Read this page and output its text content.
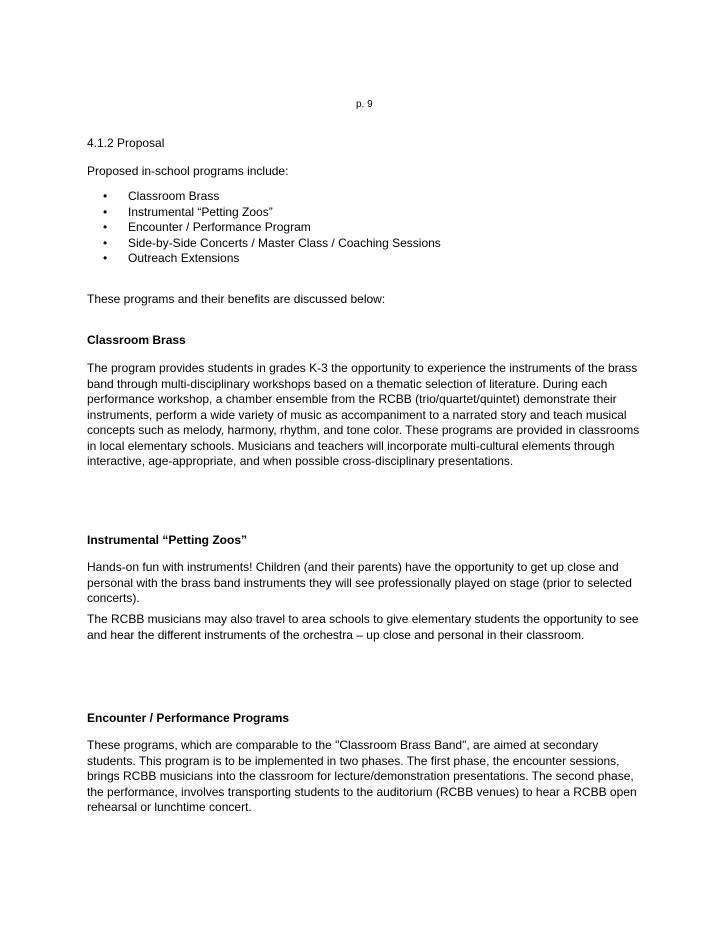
p. 9
4.1.2 Proposal
Proposed in-school programs include:
• Classroom Brass
• Instrumental “Petting Zoos”
• Encounter / Performance Program
• Side-by-Side Concerts / Master Class / Coaching Sessions
• Outreach Extensions
These programs and their benefits are discussed below:
Classroom Brass

The program provides students in grades K-3 the opportunity to experience the instruments of the brass band through multi-disciplinary workshops based on a thematic selection of literature. During each performance workshop, a chamber ensemble from the RCBB (trio/quartet/quintet) demonstrate their instruments, perform a wide variety of music as accompaniment to a narrated story and teach musical concepts such as melody, harmony, rhythm, and tone color. These programs are provided in classrooms in local elementary schools. Musicians and teachers will incorporate multi-cultural elements through interactive, age-appropriate, and when possible cross-disciplinary presentations.

Instrumental “Petting Zoos”

Hands-on fun with instruments! Children (and their parents) have the opportunity to get up close and personal with the brass band instruments they will see professionally played on stage (prior to selected concerts).

The RCBB musicians may also travel to area schools to give elementary students the opportunity to see and hear the different instruments of the orchestra – up close and personal in their classroom.

Encounter / Performance Programs

These programs, which are comparable to the "Classroom Brass Band", are aimed at secondary students. This program is to be implemented in two phases. The first phase, the encounter sessions, brings RCBB musicians into the classroom for lecture/demonstration presentations. The second phase, the performance, involves transporting students to the auditorium (RCBB venues) to hear a RCBB open rehearsal or lunchtime concert.
